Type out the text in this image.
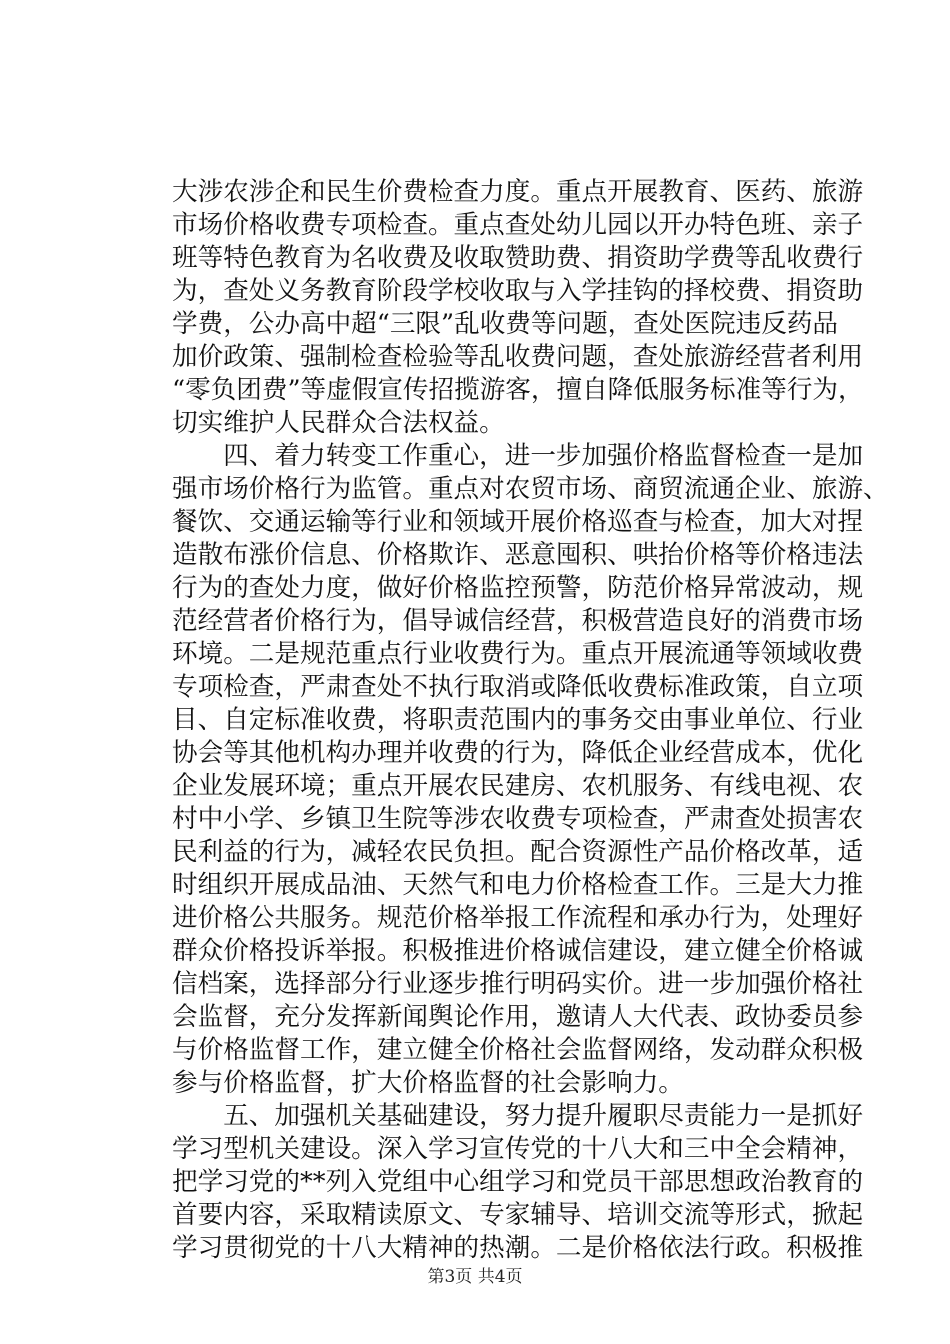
大涉农涉企和民生价费检查力度。重点开展教育、医药、旅游
市场价格收费专项检查。重点查处幼儿园以开办特色班、亲子
班等特色教育为名收费及收取赞助费、捐资助学费等乱收费行
为，查处义务教育阶段学校收取与入学挂钩的择校费、捐资助
学费，公办高中超“三限”乱收费等问题，查处医院违反药品
加价政策、强制检查检验等乱收费问题，查处旅游经营者利用
“零负团费”等虚假宣传招揽游客，擅自降低服务标准等行为，
切实维护人民群众合法权益。
　　四、着力转变工作重心，进一步加强价格监督检查一是加
强市场价格行为监管。重点对农贸市场、商贸流通企业、旅游、
餐饮、交通运输等行业和领域开展价格巡查与检查，加大对捏
造散布涨价信息、价格欺诈、恶意囤积、哄抬价格等价格违法
行为的查处力度，做好价格监控预警，防范价格异常波动，规
范经营者价格行为，倡导诚信经营，积极营造良好的消费市场
环境。二是规范重点行业收费行为。重点开展流通等领域收费
专项检查，严肃查处不执行取消或降低收费标准政策，自立项
目、自定标准收费，将职责范围内的事务交由事业单位、行业
协会等其他机构办理并收费的行为，降低企业经营成本，优化
企业发展环境；重点开展农民建房、农机服务、有线电视、农
村中小学、乡镇卫生院等涉农收费专项检查，严肃查处损害农
民利益的行为，减轻农民负担。配合资源性产品价格改革，适
时组织开展成品油、天然气和电力价格检查工作。三是大力推
进价格公共服务。规范价格举报工作流程和承办行为，处理好
群众价格投诉举报。积极推进价格诚信建设，建立健全价格诚
信档案，选择部分行业逐步推行明码实价。进一步加强价格社
会监督，充分发挥新闻舆论作用，邀请人大代表、政协委员参
与价格监督工作，建立健全价格社会监督网络，发动群众积极
参与价格监督，扩大价格监督的社会影响力。
　　五、加强机关基础建设，努力提升履职尽责能力一是抓好
学习型机关建设。深入学习宣传党的十八大和三中全会精神，
把学习党的**列入党组中心组学习和党员干部思想政治教育的
首要内容，采取精读原文、专家辅导、培训交流等形式，掀起
学习贯彻党的十八大精神的热潮。二是价格依法行政。积极推
第3页 共4页
